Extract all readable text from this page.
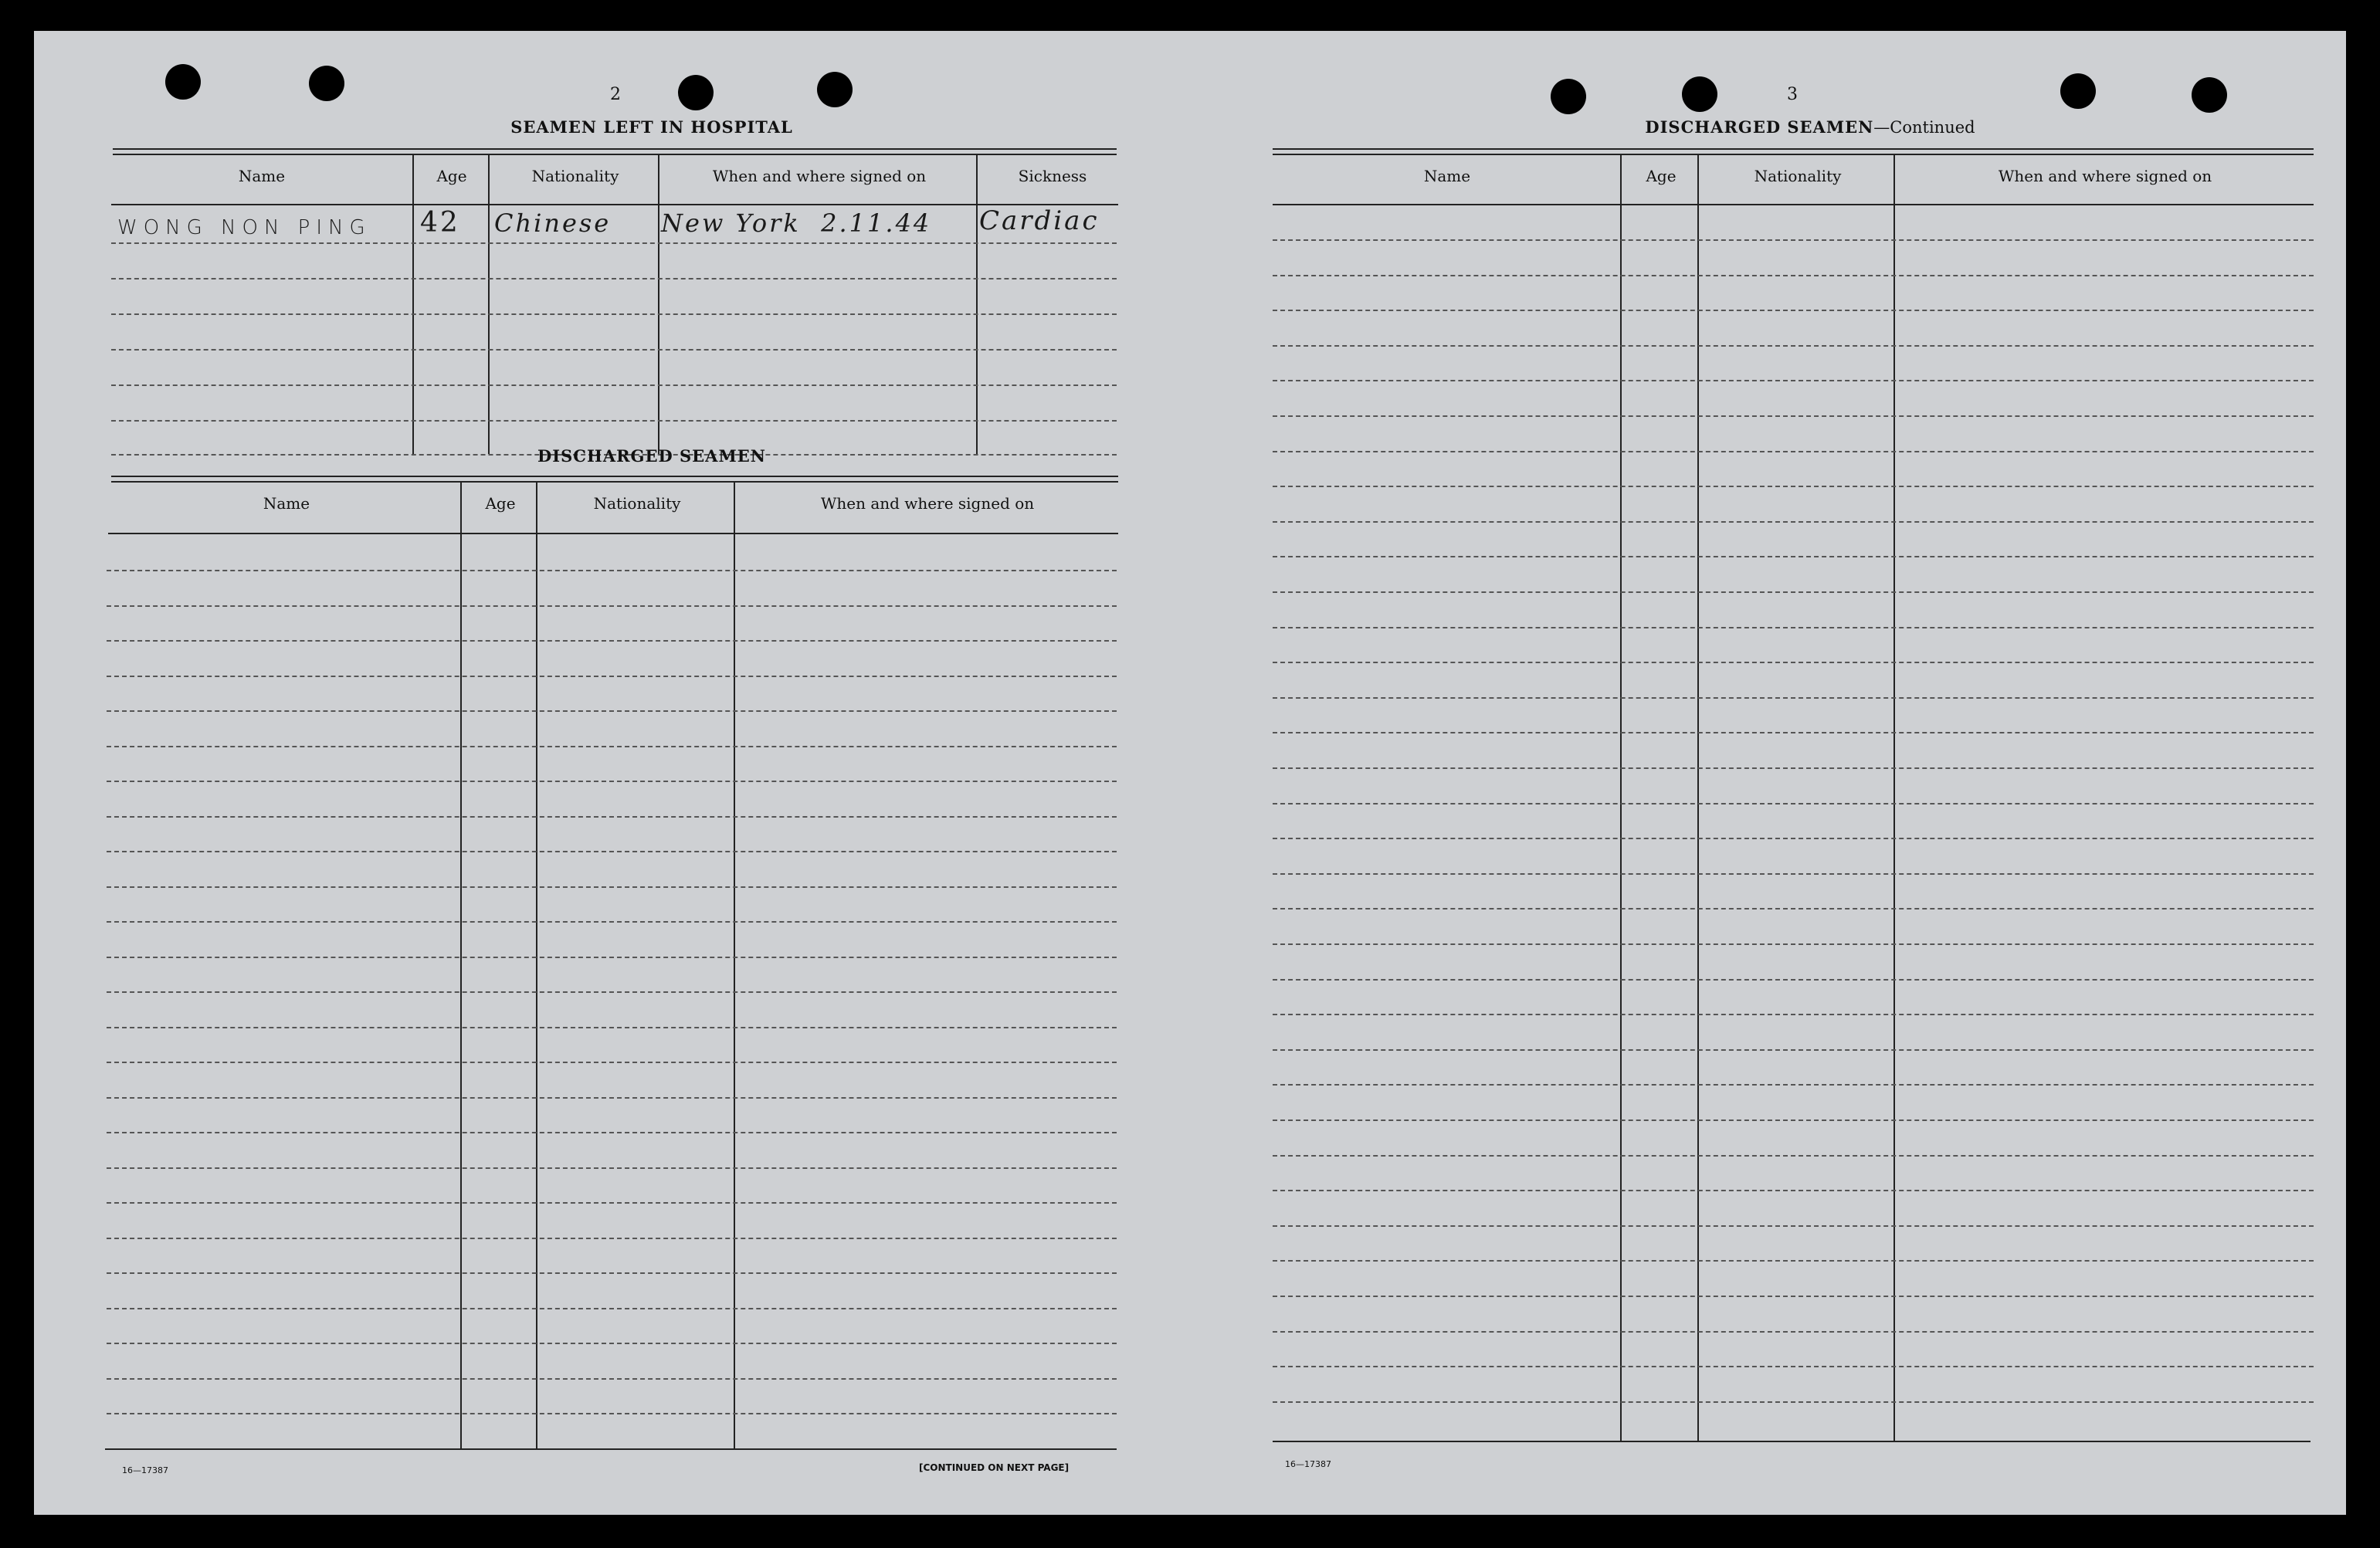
2
SEAMEN LEFT IN HOSPITAL
Name	Age	Nationality	When and where signed on	Sickness
WONG NON PING 42 Chinese New York  2.11.44 Cardiac
DISCHARGED SEAMEN
Name	Age	Nationality	When and where signed on
16—17387	[CONTINUED ON NEXT PAGE]
3
DISCHARGED SEAMEN—Continued
Name	Age	Nationality	When and where signed on
16—17387
